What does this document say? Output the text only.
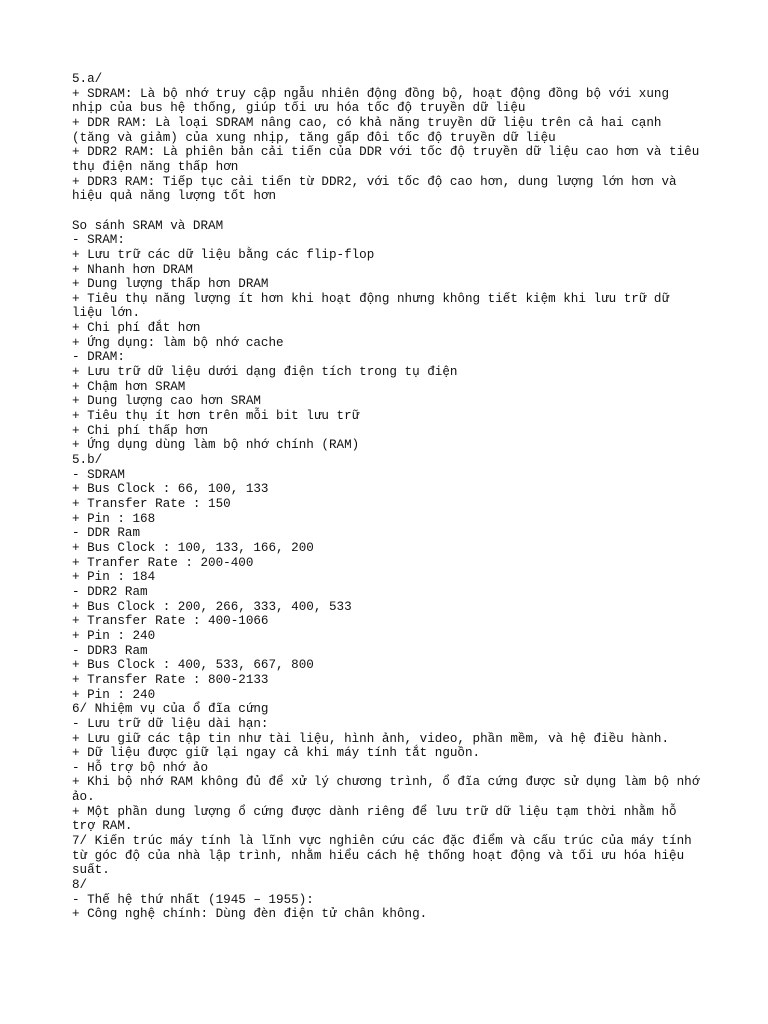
5.a/

+ SDRAM: Là bộ nhớ truy cập ngẫu nhiên động đồng bộ, hoạt động đồng bộ với xung

nhịp của bus hệ thống, giúp tối ưu hóa tốc độ truyền dữ liệu

+ DDR RAM: Là loại SDRAM nâng cao, có khả năng truyền dữ liệu trên cả hai cạnh

(tăng và giảm) của xung nhịp, tăng gấp đôi tốc độ truyền dữ liệu

+ DDR2 RAM: Là phiên bản cải tiến của DDR với tốc độ truyền dữ liệu cao hơn và tiêu

thụ điện năng thấp hơn

+ DDR3 RAM: Tiếp tục cải tiến từ DDR2, với tốc độ cao hơn, dung lượng lớn hơn và

hiệu quả năng lượng tốt hơn

So sánh SRAM và DRAM

- SRAM:

+ Lưu trữ các dữ liệu bằng các flip-flop

+ Nhanh hơn DRAM

+ Dung lượng thấp hơn DRAM

+ Tiêu thụ năng lượng ít hơn khi hoạt động nhưng không tiết kiệm khi lưu trữ dữ

liệu lớn.

+ Chi phí đắt hơn

+ Ứng dụng: làm bộ nhớ cache

- DRAM:

+ Lưu trữ dữ liệu dưới dạng điện tích trong tụ điện

+ Chậm hơn SRAM

+ Dung lượng cao hơn SRAM

+ Tiêu thụ ít hơn trên mỗi bit lưu trữ

+ Chi phí thấp hơn

+ Ứng dụng dùng làm bộ nhớ chính (RAM)

5.b/

- SDRAM

+ Bus Clock : 66, 100, 133

+ Transfer Rate : 150

+ Pin : 168

- DDR Ram

+ Bus Clock : 100, 133, 166, 200

+ Tranfer Rate : 200-400

+ Pin : 184

- DDR2 Ram

+ Bus Clock : 200, 266, 333, 400, 533

+ Transfer Rate : 400-1066

+ Pin : 240

- DDR3 Ram

+ Bus Clock : 400, 533, 667, 800

+ Transfer Rate : 800-2133

+ Pin : 240

6/ Nhiệm vụ của ổ đĩa cứng

- Lưu trữ dữ liệu dài hạn:

+ Lưu giữ các tập tin như tài liệu, hình ảnh, video, phần mềm, và hệ điều hành.

+ Dữ liệu được giữ lại ngay cả khi máy tính tắt nguồn.

- Hỗ trợ bộ nhớ ảo

+ Khi bộ nhớ RAM không đủ để xử lý chương trình, ổ đĩa cứng được sử dụng làm bộ nhớ

ảo.

+ Một phần dung lượng ổ cứng được dành riêng để lưu trữ dữ liệu tạm thời nhằm hỗ

trợ RAM.

7/ Kiến trúc máy tính là lĩnh vực nghiên cứu các đặc điểm và cấu trúc của máy tính

từ góc độ của nhà lập trình, nhằm hiểu cách hệ thống hoạt động và tối ưu hóa hiệu

suất.

8/

- Thế hệ thứ nhất (1945 – 1955):

+ Công nghệ chính: Dùng đèn điện tử chân không.
